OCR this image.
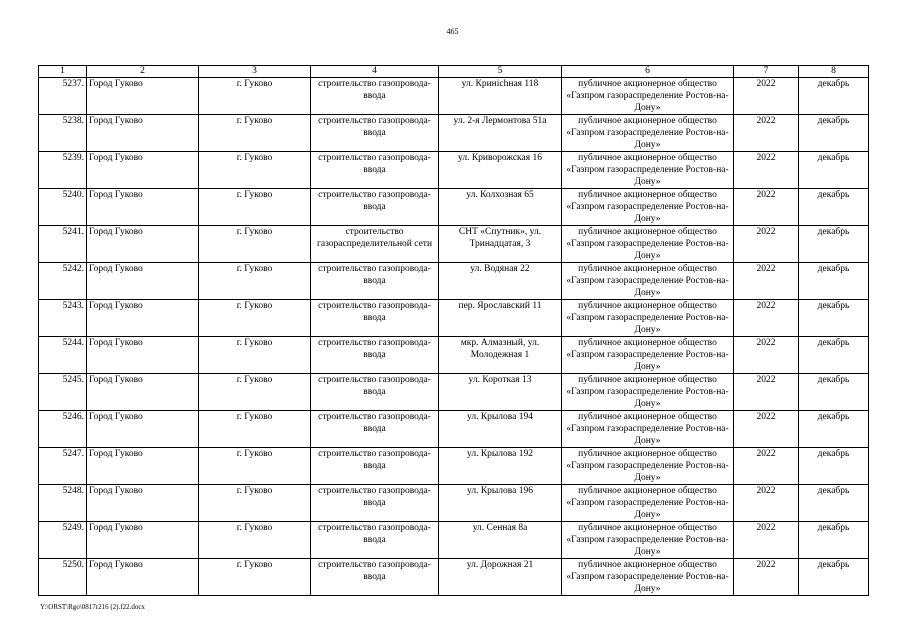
465
1	2	3	4	5	6	7	8
5237.	Город Гуково	г. Гуково	строительство газопровода-ввода	ул. Кринichная 118	публичное акционерное общество «Газпром газораспределение Ростов-на-Дону»	2022	декабрь
5238.	Город Гуково	г. Гуково	строительство газопровода-ввода	ул. 2-я Лермонтова 51а	публичное акционерное общество «Газпром газораспределение Ростов-на-Дону»	2022	декабрь
5239.	Город Гуково	г. Гуково	строительство газопровода-ввода	ул. Криворожская 16	публичное акционерное общество «Газпром газораспределение Ростов-на-Дону»	2022	декабрь
5240.	Город Гуково	г. Гуково	строительство газопровода-ввода	ул. Колхозная 65	публичное акционерное общество «Газпром газораспределение Ростов-на-Дону»	2022	декабрь
5241.	Город Гуково	г. Гуково	строительство газораспределительной сети	СНТ «Спутник», ул. Тринадцатая, 3	публичное акционерное общество «Газпром газораспределение Ростов-на-Дону»	2022	декабрь
5242.	Город Гуково	г. Гуково	строительство газопровода-ввода	ул. Водяная 22	публичное акционерное общество «Газпром газораспределение Ростов-на-Дону»	2022	декабрь
5243.	Город Гуково	г. Гуково	строительство газопровода-ввода	пер. Ярославский 11	публичное акционерное общество «Газпром газораспределение Ростов-на-Дону»	2022	декабрь
5244.	Город Гуково	г. Гуково	строительство газопровода-ввода	мкр. Алмазный, ул. Молодежная 1	публичное акционерное общество «Газпром газораспределение Ростов-на-Дону»	2022	декабрь
5245.	Город Гуково	г. Гуково	строительство газопровода-ввода	ул. Короткая 13	публичное акционерное общество «Газпром газораспределение Ростов-на-Дону»	2022	декабрь
5246.	Город Гуково	г. Гуково	строительство газопровода-ввода	ул. Крылова 194	публичное акционерное общество «Газпром газораспределение Ростов-на-Дону»	2022	декабрь
5247.	Город Гуково	г. Гуково	строительство газопровода-ввода	ул. Крылова 192	публичное акционерное общество «Газпром газораспределение Ростов-на-Дону»	2022	декабрь
5248.	Город Гуково	г. Гуково	строительство газопровода-ввода	ул. Крылова 196	публичное акционерное общество «Газпром газораспределение Ростов-на-Дону»	2022	декабрь
5249.	Город Гуково	г. Гуково	строительство газопровода-ввода	ул. Сенная 8а	публичное акционерное общество «Газпром газораспределение Ростов-на-Дону»	2022	декабрь
5250.	Город Гуково	г. Гуково	строительство газопровода-ввода	ул. Дорожная 21	публичное акционерное общество «Газпром газораспределение Ростов-на-Дону»	2022	декабрь
Y:\ORST\Rgo\0817r216 (2).f22.docx
